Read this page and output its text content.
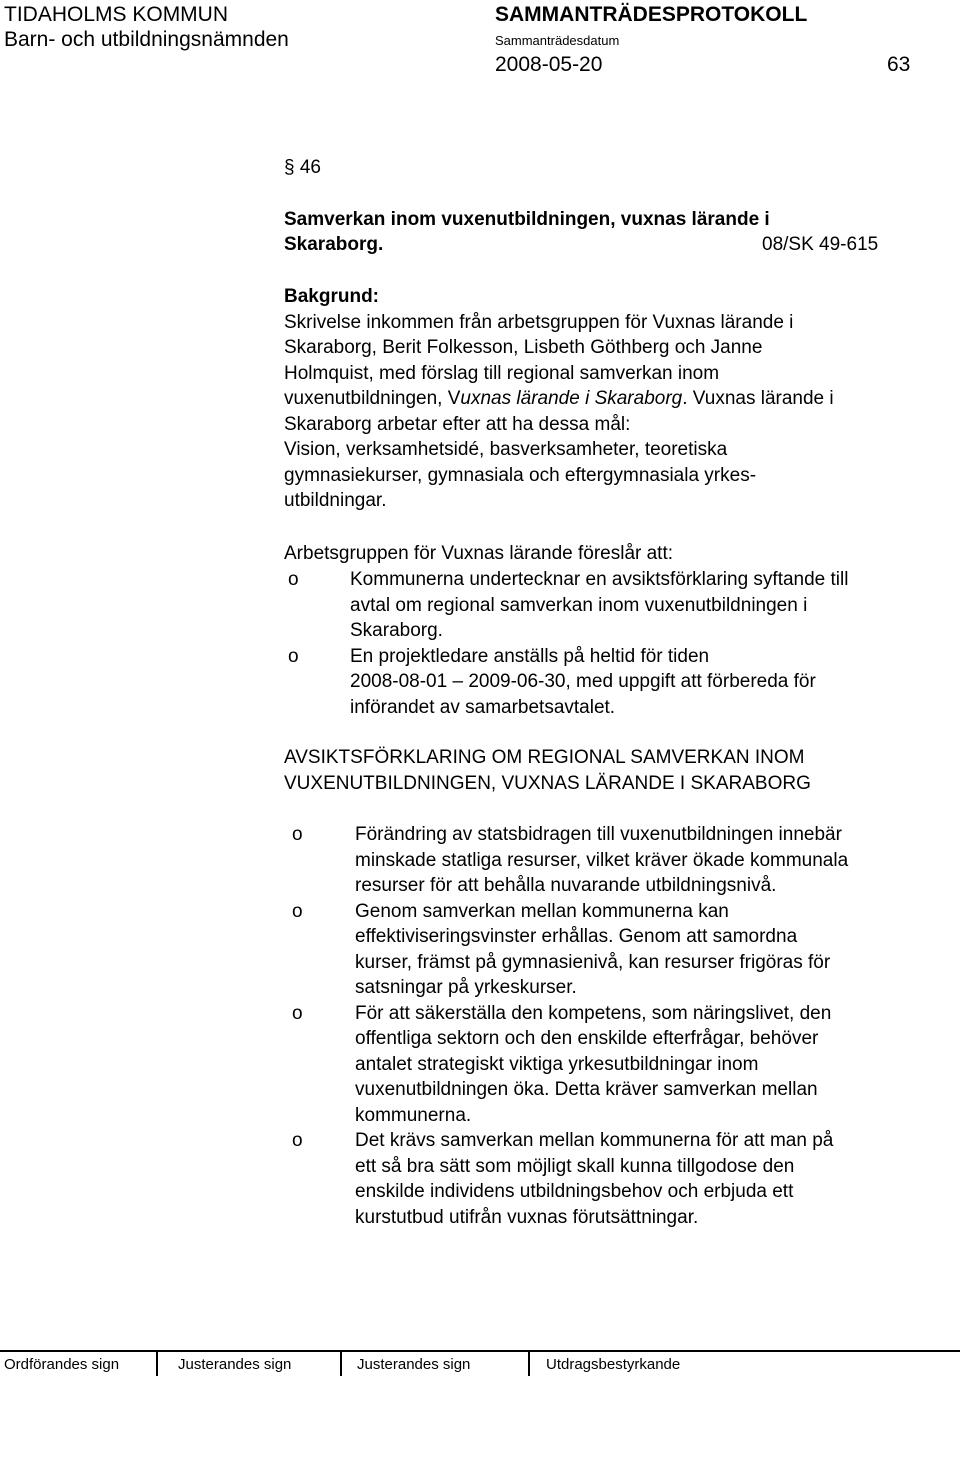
TIDAHOLMS KOMMUN
Barn- och utbildningsnämnden
SAMMANTRÄDESPROTOKOLL
Sammanträdesdatum
2008-05-20	63
§ 46
Samverkan inom vuxenutbildningen, vuxnas lärande i
Skaraborg.	08/SK 49-615
Bakgrund:
Skrivelse inkommen från arbetsgruppen för Vuxnas lärande i
Skaraborg, Berit Folkesson, Lisbeth Göthberg och Janne
Holmquist, med förslag till regional samverkan inom
vuxenutbildningen, Vuxnas lärande i Skaraborg. Vuxnas lärande i
Skaraborg arbetar efter att ha dessa mål:
Vision, verksamhetsidé, basverksamheter, teoretiska
gymnasiekurser, gymnasiala och eftergymnasiala yrkes-
utbildningar.
Arbetsgruppen för Vuxnas lärande föreslår att:
o	Kommunerna undertecknar en avsiktsförklaring syftande till
avtal om regional samverkan inom vuxenutbildningen i
Skaraborg.
o	En projektledare anställs på heltid för tiden
2008-08-01 – 2009-06-30, med uppgift att förbereda för
införandet av samarbetsavtalet.
AVSIKTSFÖRKLARING OM REGIONAL SAMVERKAN INOM
VUXENUTBILDNINGEN, VUXNAS LÄRANDE I SKARABORG
o	Förändring av statsbidragen till vuxenutbildningen innebär
minskade statliga resurser, vilket kräver ökade kommunala
resurser för att behålla nuvarande utbildningsnivå.
o	Genom samverkan mellan kommunerna kan
effektiviseringsvinster erhållas. Genom att samordna
kurser, främst på gymnasienivå, kan resurser frigöras för
satsningar på yrkeskurser.
o	För att säkerställa den kompetens, som näringslivet, den
offentliga sektorn och den enskilde efterfrågar, behöver
antalet strategiskt viktiga yrkesutbildningar inom
vuxenutbildningen öka. Detta kräver samverkan mellan
kommunerna.
o	Det krävs samverkan mellan kommunerna för att man på
ett så bra sätt som möjligt skall kunna tillgodose den
enskilde individens utbildningsbehov och erbjuda ett
kurstutbud utifrån vuxnas förutsättningar.
Ordförandes sign	Justerandes sign	Justerandes sign	Utdragsbestyrkande
